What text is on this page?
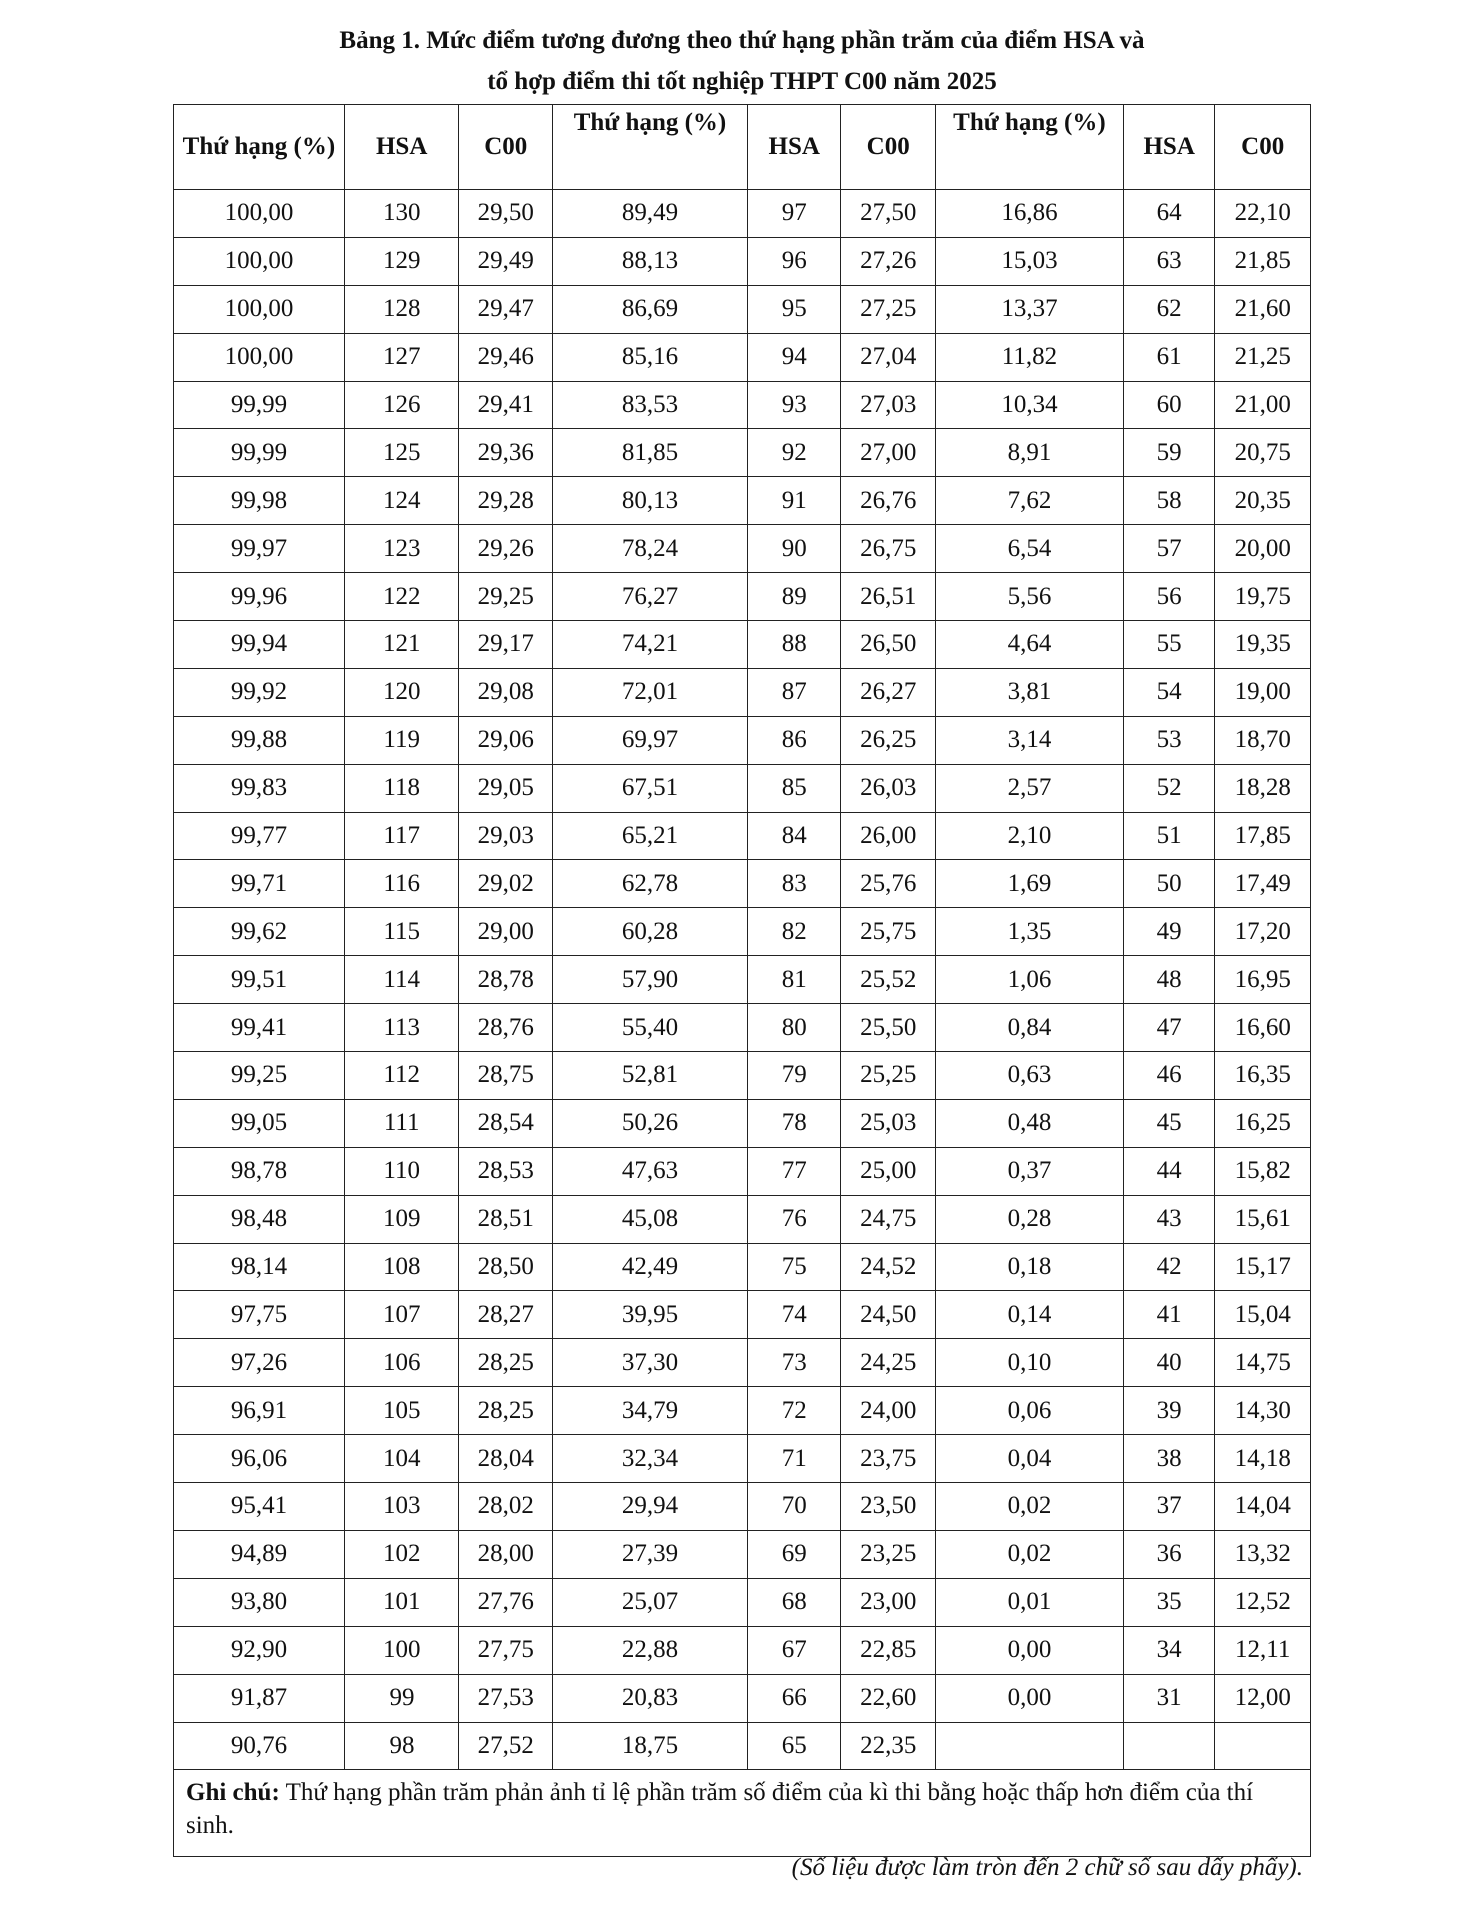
Bảng 1. Mức điểm tương đương theo thứ hạng phần trăm của điểm HSA và
tổ hợp điểm thi tốt nghiệp THPT C00 năm 2025
Thứ hạng (%)	HSA	C00	Thứ hạng (%)	HSA	C00	Thứ hạng (%)	HSA	C00
100,00	130	29,50	89,49	97	27,50	16,86	64	22,10
100,00	129	29,49	88,13	96	27,26	15,03	63	21,85
100,00	128	29,47	86,69	95	27,25	13,37	62	21,60
100,00	127	29,46	85,16	94	27,04	11,82	61	21,25
99,99	126	29,41	83,53	93	27,03	10,34	60	21,00
99,99	125	29,36	81,85	92	27,00	8,91	59	20,75
99,98	124	29,28	80,13	91	26,76	7,62	58	20,35
99,97	123	29,26	78,24	90	26,75	6,54	57	20,00
99,96	122	29,25	76,27	89	26,51	5,56	56	19,75
99,94	121	29,17	74,21	88	26,50	4,64	55	19,35
99,92	120	29,08	72,01	87	26,27	3,81	54	19,00
99,88	119	29,06	69,97	86	26,25	3,14	53	18,70
99,83	118	29,05	67,51	85	26,03	2,57	52	18,28
99,77	117	29,03	65,21	84	26,00	2,10	51	17,85
99,71	116	29,02	62,78	83	25,76	1,69	50	17,49
99,62	115	29,00	60,28	82	25,75	1,35	49	17,20
99,51	114	28,78	57,90	81	25,52	1,06	48	16,95
99,41	113	28,76	55,40	80	25,50	0,84	47	16,60
99,25	112	28,75	52,81	79	25,25	0,63	46	16,35
99,05	111	28,54	50,26	78	25,03	0,48	45	16,25
98,78	110	28,53	47,63	77	25,00	0,37	44	15,82
98,48	109	28,51	45,08	76	24,75	0,28	43	15,61
98,14	108	28,50	42,49	75	24,52	0,18	42	15,17
97,75	107	28,27	39,95	74	24,50	0,14	41	15,04
97,26	106	28,25	37,30	73	24,25	0,10	40	14,75
96,91	105	28,25	34,79	72	24,00	0,06	39	14,30
96,06	104	28,04	32,34	71	23,75	0,04	38	14,18
95,41	103	28,02	29,94	70	23,50	0,02	37	14,04
94,89	102	28,00	27,39	69	23,25	0,02	36	13,32
93,80	101	27,76	25,07	68	23,00	0,01	35	12,52
92,90	100	27,75	22,88	67	22,85	0,00	34	12,11
91,87	99	27,53	20,83	66	22,60	0,00	31	12,00
90,76	98	27,52	18,75	65	22,35			
Ghi chú: Thứ hạng phần trăm phản ảnh tỉ lệ phần trăm số điểm của kì thi bằng hoặc thấp hơn điểm của thí sinh.								
(Số liệu được làm tròn đến 2 chữ số sau dấy phẩy).
